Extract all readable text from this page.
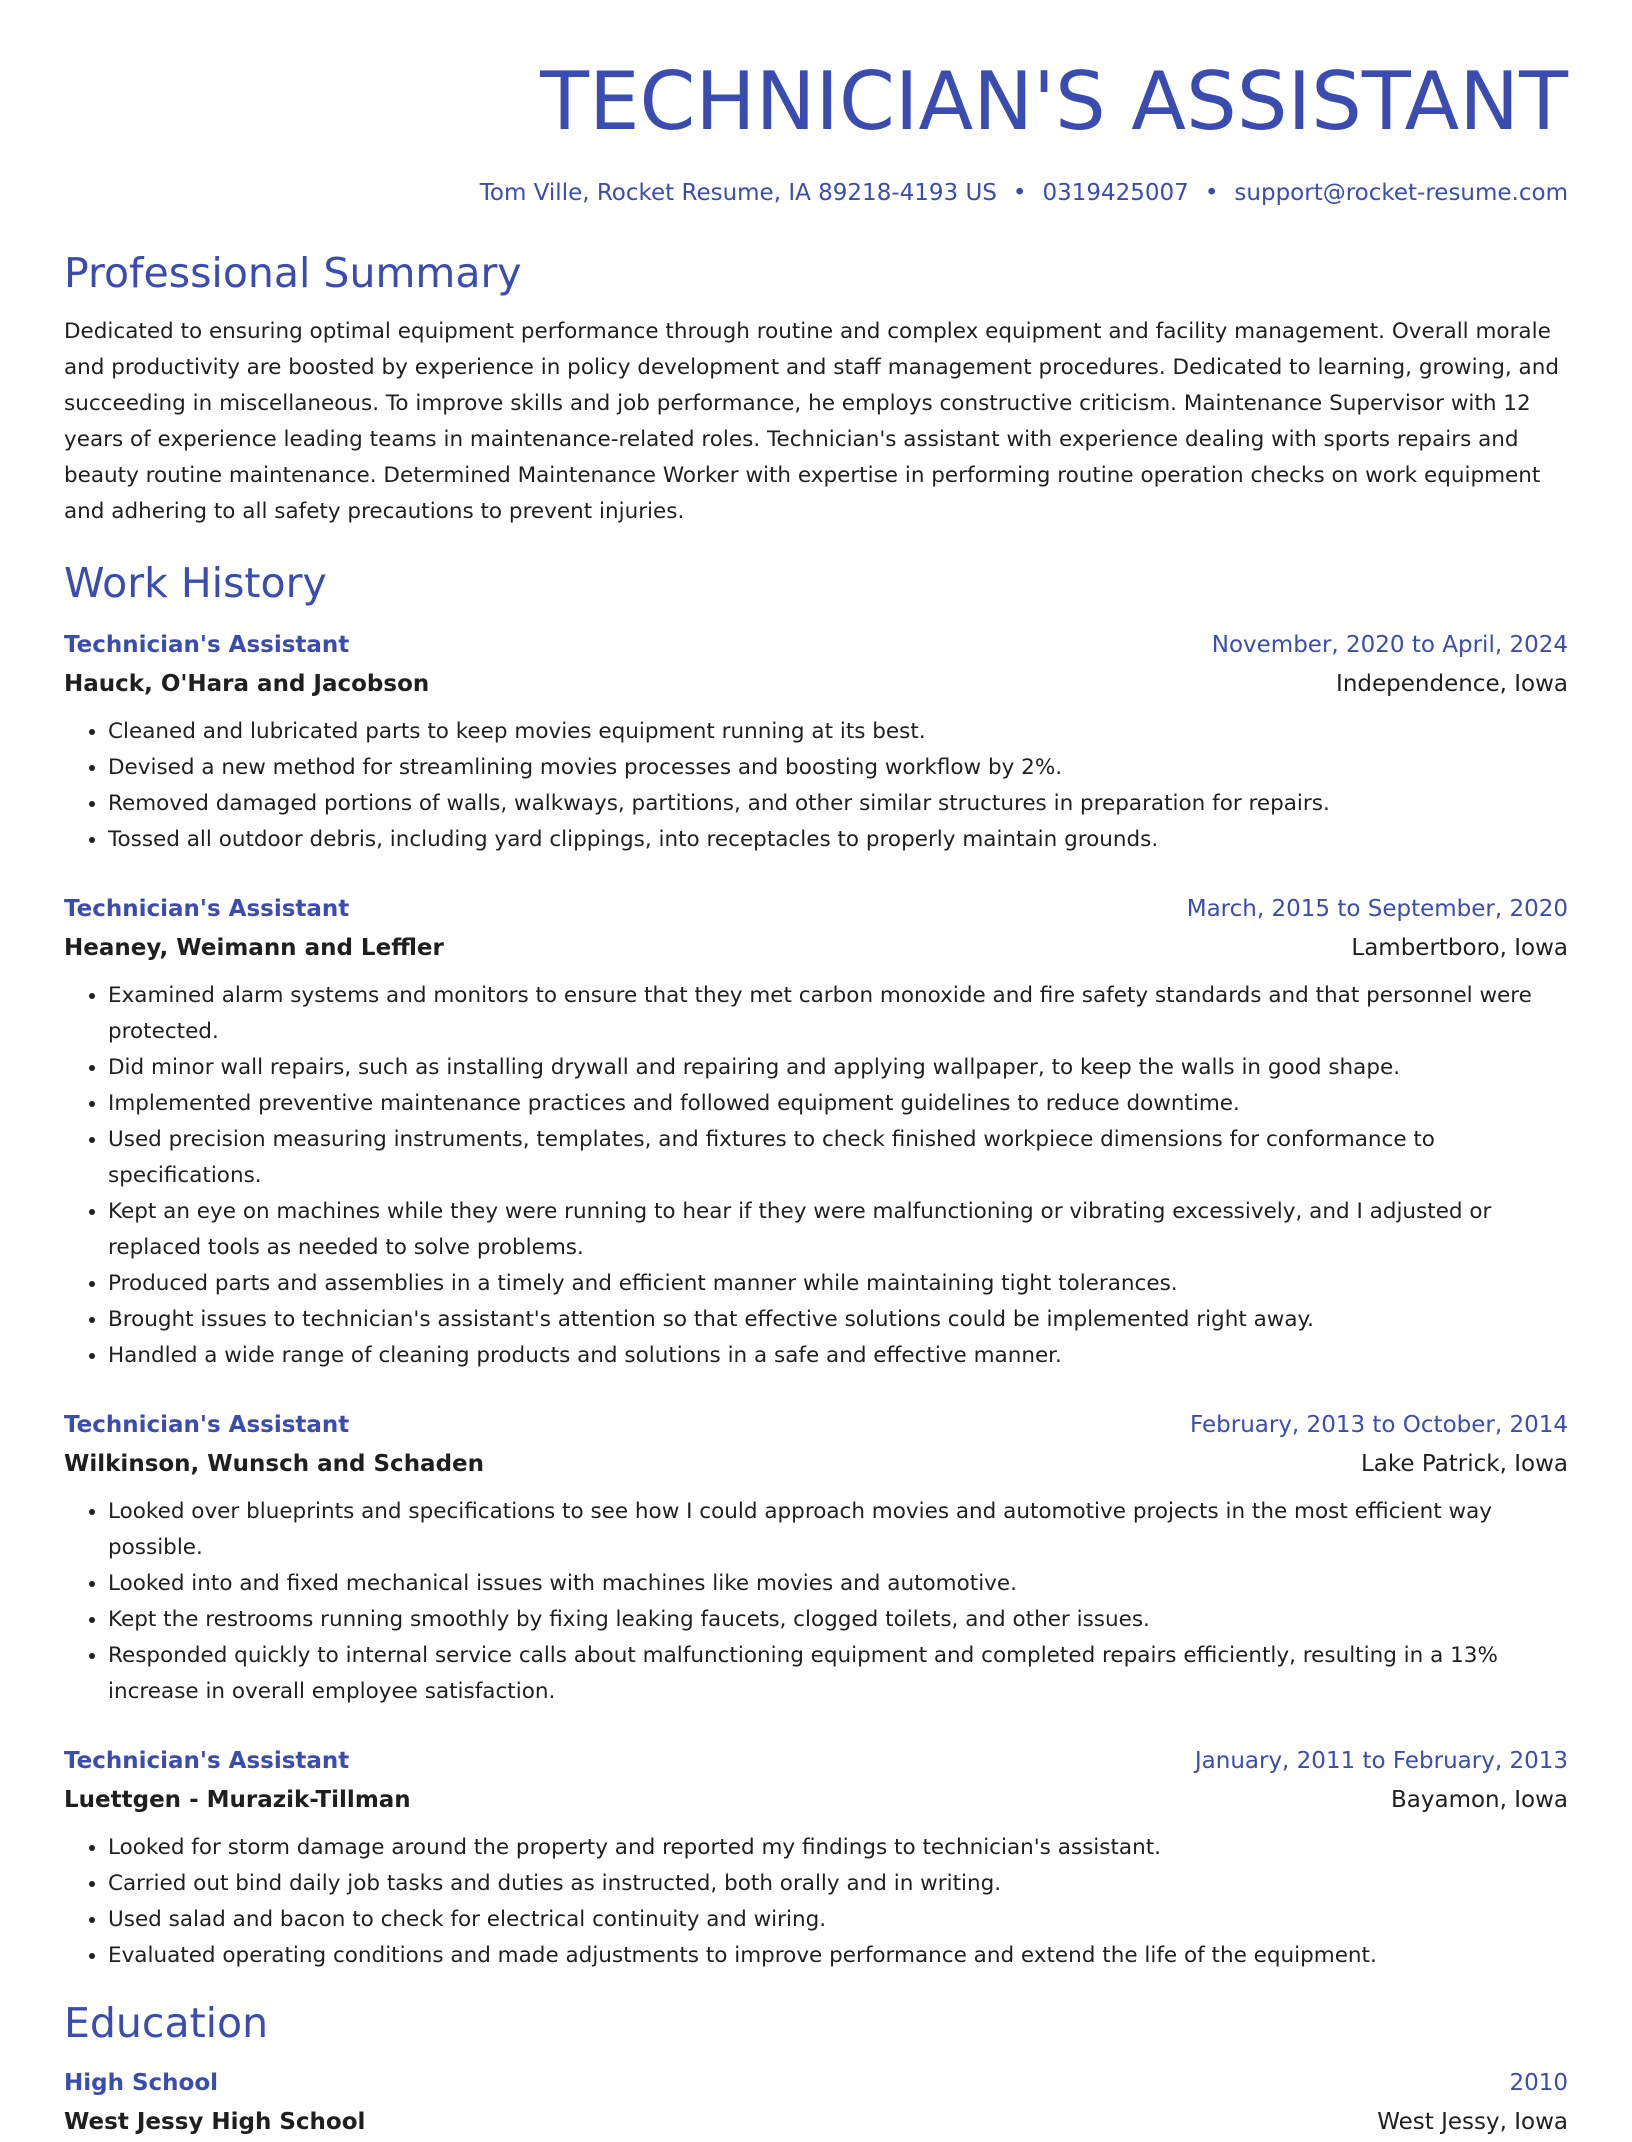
TECHNICIAN'S ASSISTANT
Tom Ville, Rocket Resume, IA 89218-4193 US • 0319425007 • support@rocket-resume.com
Professional Summary
Dedicated to ensuring optimal equipment performance through routine and complex equipment and facility management. Overall morale and productivity are boosted by experience in policy development and staff management procedures. Dedicated to learning, growing, and succeeding in miscellaneous. To improve skills and job performance, he employs constructive criticism. Maintenance Supervisor with 12 years of experience leading teams in maintenance-related roles. Technician's assistant with experience dealing with sports repairs and beauty routine maintenance. Determined Maintenance Worker with expertise in performing routine operation checks on work equipment and adhering to all safety precautions to prevent injuries.
Work History
Technician's Assistant	November, 2020 to April, 2024
Hauck, O'Hara and Jacobson	Independence, Iowa
• Cleaned and lubricated parts to keep movies equipment running at its best.
• Devised a new method for streamlining movies processes and boosting workflow by 2%.
• Removed damaged portions of walls, walkways, partitions, and other similar structures in preparation for repairs.
• Tossed all outdoor debris, including yard clippings, into receptacles to properly maintain grounds.
Technician's Assistant	March, 2015 to September, 2020
Heaney, Weimann and Leffler	Lambertboro, Iowa
• Examined alarm systems and monitors to ensure that they met carbon monoxide and fire safety standards and that personnel were protected.
• Did minor wall repairs, such as installing drywall and repairing and applying wallpaper, to keep the walls in good shape.
• Implemented preventive maintenance practices and followed equipment guidelines to reduce downtime.
• Used precision measuring instruments, templates, and fixtures to check finished workpiece dimensions for conformance to specifications.
• Kept an eye on machines while they were running to hear if they were malfunctioning or vibrating excessively, and I adjusted or replaced tools as needed to solve problems.
• Produced parts and assemblies in a timely and efficient manner while maintaining tight tolerances.
• Brought issues to technician's assistant's attention so that effective solutions could be implemented right away.
• Handled a wide range of cleaning products and solutions in a safe and effective manner.
Technician's Assistant	February, 2013 to October, 2014
Wilkinson, Wunsch and Schaden	Lake Patrick, Iowa
• Looked over blueprints and specifications to see how I could approach movies and automotive projects in the most efficient way possible.
• Looked into and fixed mechanical issues with machines like movies and automotive.
• Kept the restrooms running smoothly by fixing leaking faucets, clogged toilets, and other issues.
• Responded quickly to internal service calls about malfunctioning equipment and completed repairs efficiently, resulting in a 13% increase in overall employee satisfaction.
Technician's Assistant	January, 2011 to February, 2013
Luettgen - Murazik-Tillman	Bayamon, Iowa
• Looked for storm damage around the property and reported my findings to technician's assistant.
• Carried out bind daily job tasks and duties as instructed, both orally and in writing.
• Used salad and bacon to check for electrical continuity and wiring.
• Evaluated operating conditions and made adjustments to improve performance and extend the life of the equipment.
Education
High School	2010
West Jessy High School	West Jessy, Iowa
